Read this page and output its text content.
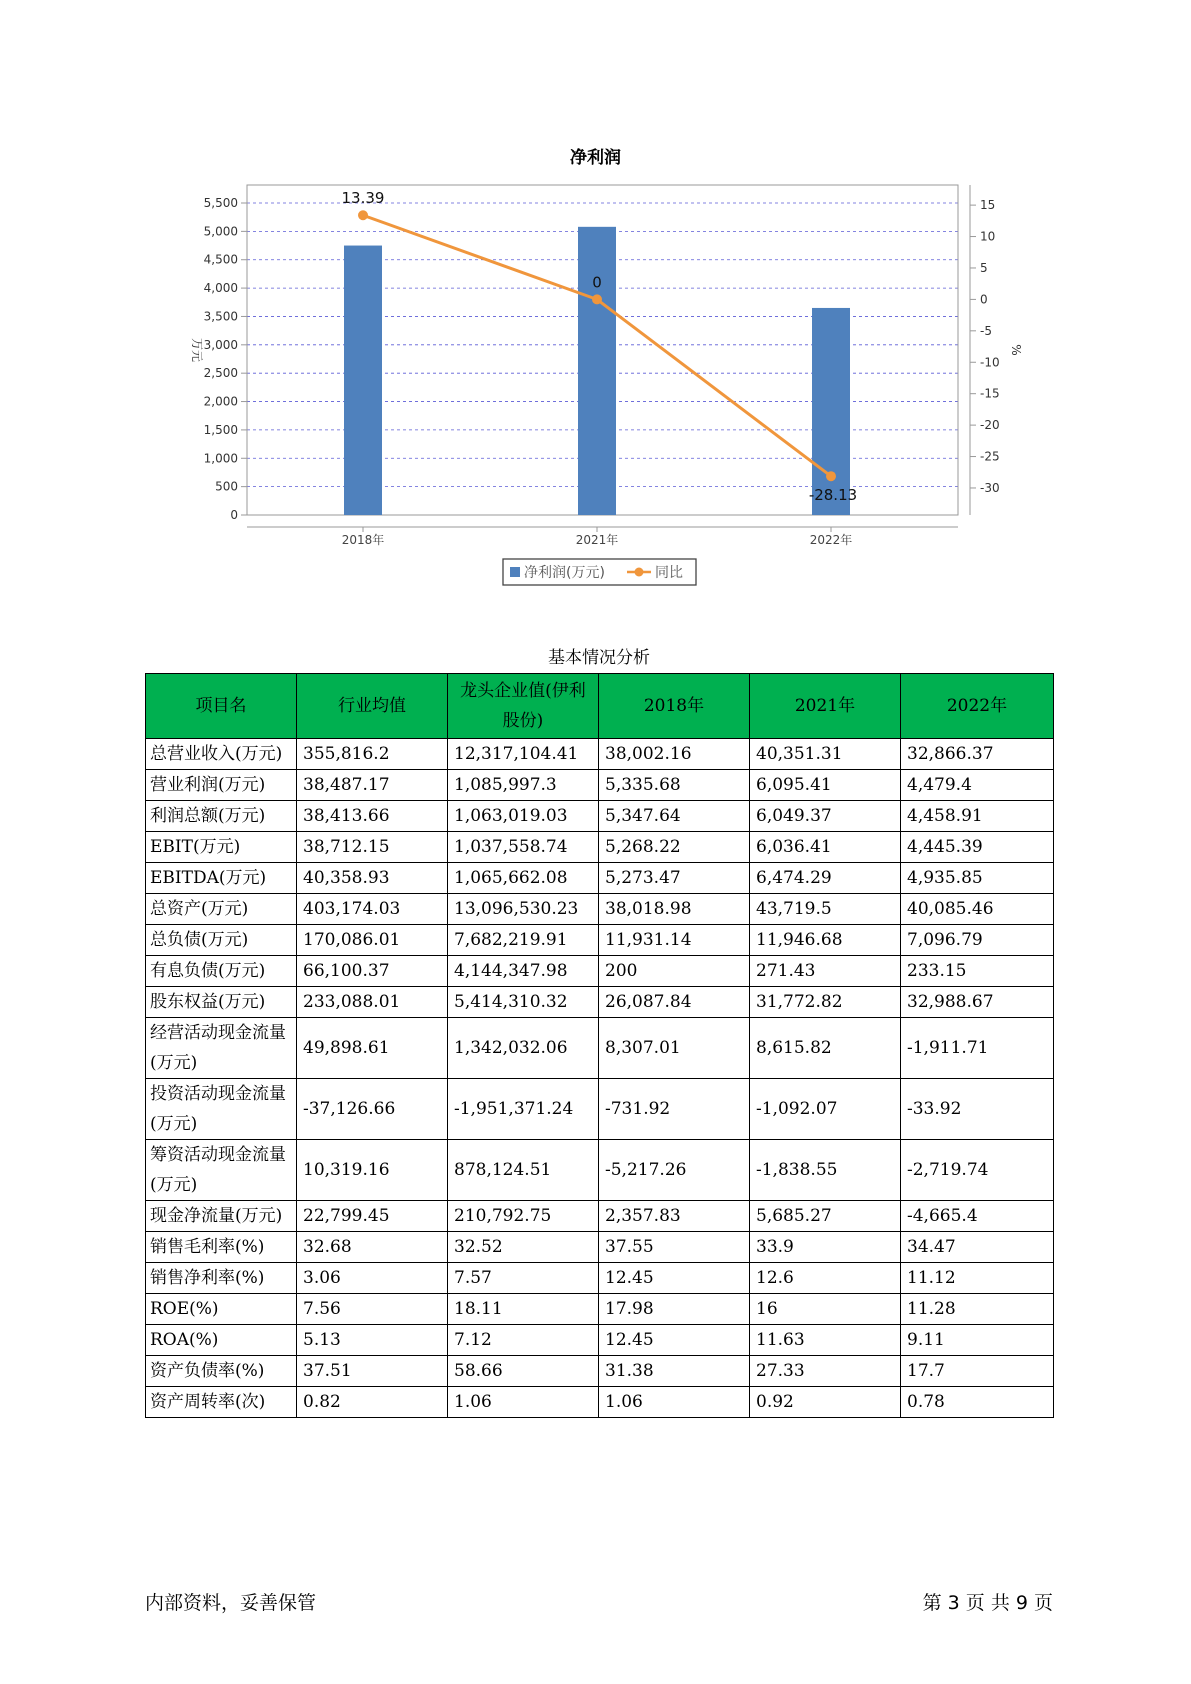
净利润
0
500
1,000
1,500
2,000
2,500
3,000
3,500
4,000
4,500
5,000
5,500
-30
-25
-20
-15
-10
-5
0
5
10
15
13.39
0
-28.13
2018年	2021年	2022年
万元	%
净利润(万元)	同比
基本情况分析
项目名	行业均值	龙头企业值(伊利股份)	2018年	2021年	2022年
总营业收入(万元)	355,816.2	12,317,104.41	38,002.16	40,351.31	32,866.37
营业利润(万元)	38,487.17	1,085,997.3	5,335.68	6,095.41	4,479.4
利润总额(万元)	38,413.66	1,063,019.03	5,347.64	6,049.37	4,458.91
EBIT(万元)	38,712.15	1,037,558.74	5,268.22	6,036.41	4,445.39
EBITDA(万元)	40,358.93	1,065,662.08	5,273.47	6,474.29	4,935.85
总资产(万元)	403,174.03	13,096,530.23	38,018.98	43,719.5	40,085.46
总负债(万元)	170,086.01	7,682,219.91	11,931.14	11,946.68	7,096.79
有息负债(万元)	66,100.37	4,144,347.98	200	271.43	233.15
股东权益(万元)	233,088.01	5,414,310.32	26,087.84	31,772.82	32,988.67
经营活动现金流量(万元)	49,898.61	1,342,032.06	8,307.01	8,615.82	-1,911.71
投资活动现金流量(万元)	-37,126.66	-1,951,371.24	-731.92	-1,092.07	-33.92
筹资活动现金流量(万元)	10,319.16	878,124.51	-5,217.26	-1,838.55	-2,719.74
现金净流量(万元)	22,799.45	210,792.75	2,357.83	5,685.27	-4,665.4
销售毛利率(%)	32.68	32.52	37.55	33.9	34.47
销售净利率(%)	3.06	7.57	12.45	12.6	11.12
ROE(%)	7.56	18.11	17.98	16	11.28
ROA(%)	5.13	7.12	12.45	11.63	9.11
资产负债率(%)	37.51	58.66	31.38	27.33	17.7
资产周转率(次)	0.82	1.06	1.06	0.92	0.78
内部资料，妥善保管	第 3 页 共 9 页
